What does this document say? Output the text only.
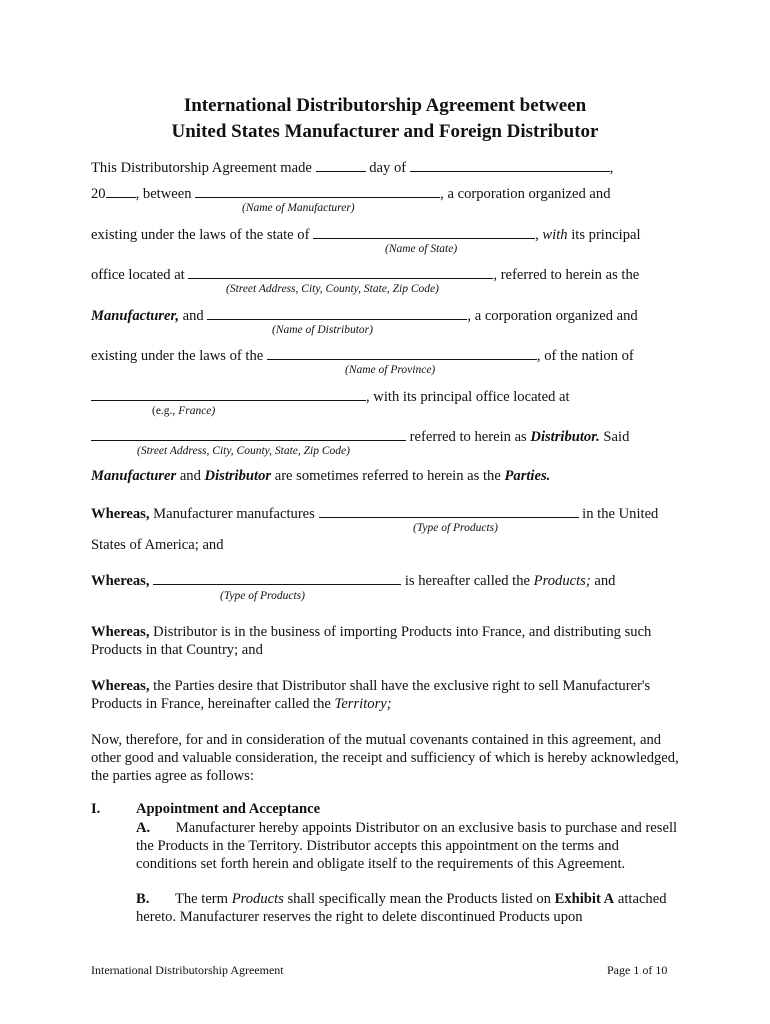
International Distributorship Agreement between
United States Manufacturer and Foreign Distributor
This Distributorship Agreement made	day of	,
20 , between	, a corporation organized and
(Name of Manufacturer)
existing under the laws of the state of	, with its principal
(Name of State)
office located at	, referred to herein as the
(Street Address, City, County, State, Zip Code)
Manufacturer, and	, a corporation organized and
(Name of Distributor)
existing under the laws of the	, of the nation of
(Name of Province)
, with its principal office located at
(e.g., France)
referred to herein as Distributor. Said
(Street Address, City, County, State, Zip Code)
Manufacturer and Distributor are sometimes referred to herein as the Parties.
Whereas, Manufacturer manufactures	in the United
(Type of Products)
States of America; and
Whereas,	is hereafter called the Products; and
(Type of Products)
Whereas, Distributor is in the business of importing Products into France, and distributing such Products in that Country; and
Whereas, the Parties desire that Distributor shall have the exclusive right to sell Manufacturer's Products in France, hereinafter called the Territory;
Now, therefore, for and in consideration of the mutual covenants contained in this agreement, and other good and valuable consideration, the receipt and sufficiency of which is hereby acknowledged, the parties agree as follows:
I. Appointment and Acceptance
A. Manufacturer hereby appoints Distributor on an exclusive basis to purchase and resell the Products in the Territory. Distributor accepts this appointment on the terms and conditions set forth herein and obligate itself to the requirements of this Agreement.
B. The term Products shall specifically mean the Products listed on Exhibit A attached hereto. Manufacturer reserves the right to delete discontinued Products upon
International Distributorship Agreement	Page 1 of 10
